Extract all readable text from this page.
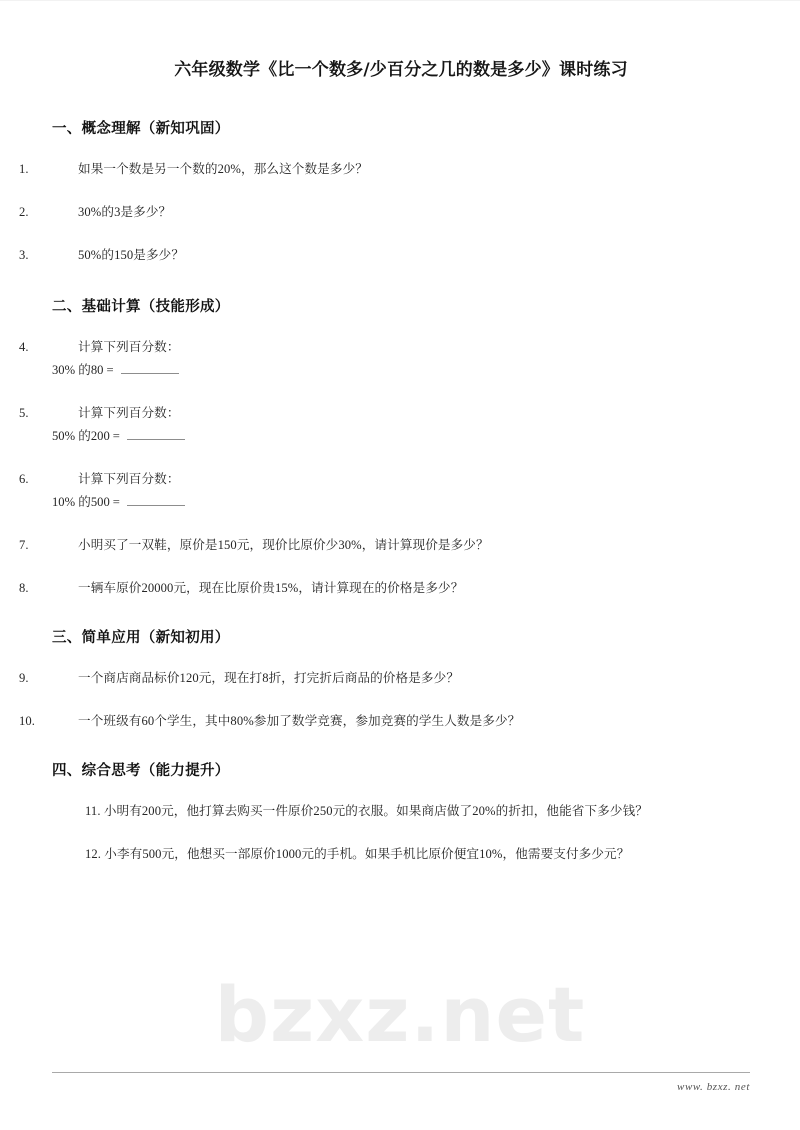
bzxz.net
六年级数学《比一个数多/少百分之几的数是多少》课时练习
一、概念理解（新知巩固）
1.	如果一个数是另一个数的20%，那么这个数是多少？
2.	30%的3是多少？
3.	50%的150是多少？
二、基础计算（技能形成）
4.	计算下列百分数：
30% 的80 =
5.	计算下列百分数：
50% 的200 =
6.	计算下列百分数：
10% 的500 =
7.	小明买了一双鞋，原价是150元，现价比原价少30%，请计算现价是多少？
8.	一辆车原价20000元，现在比原价贵15%，请计算现在的价格是多少？
三、简单应用（新知初用）
9.	一个商店商品标价120元，现在打8折，打完折后商品的价格是多少？
10.	一个班级有60个学生，其中80%参加了数学竞赛，参加竞赛的学生人数是多少？
四、综合思考（能力提升）
11. 小明有200元，他打算去购买一件原价250元的衣服。如果商店做了20%的折扣，他能省下多少钱？
12. 小李有500元，他想买一部原价1000元的手机。如果手机比原价便宜10%，他需要支付多少元？
www. bzxz. net
